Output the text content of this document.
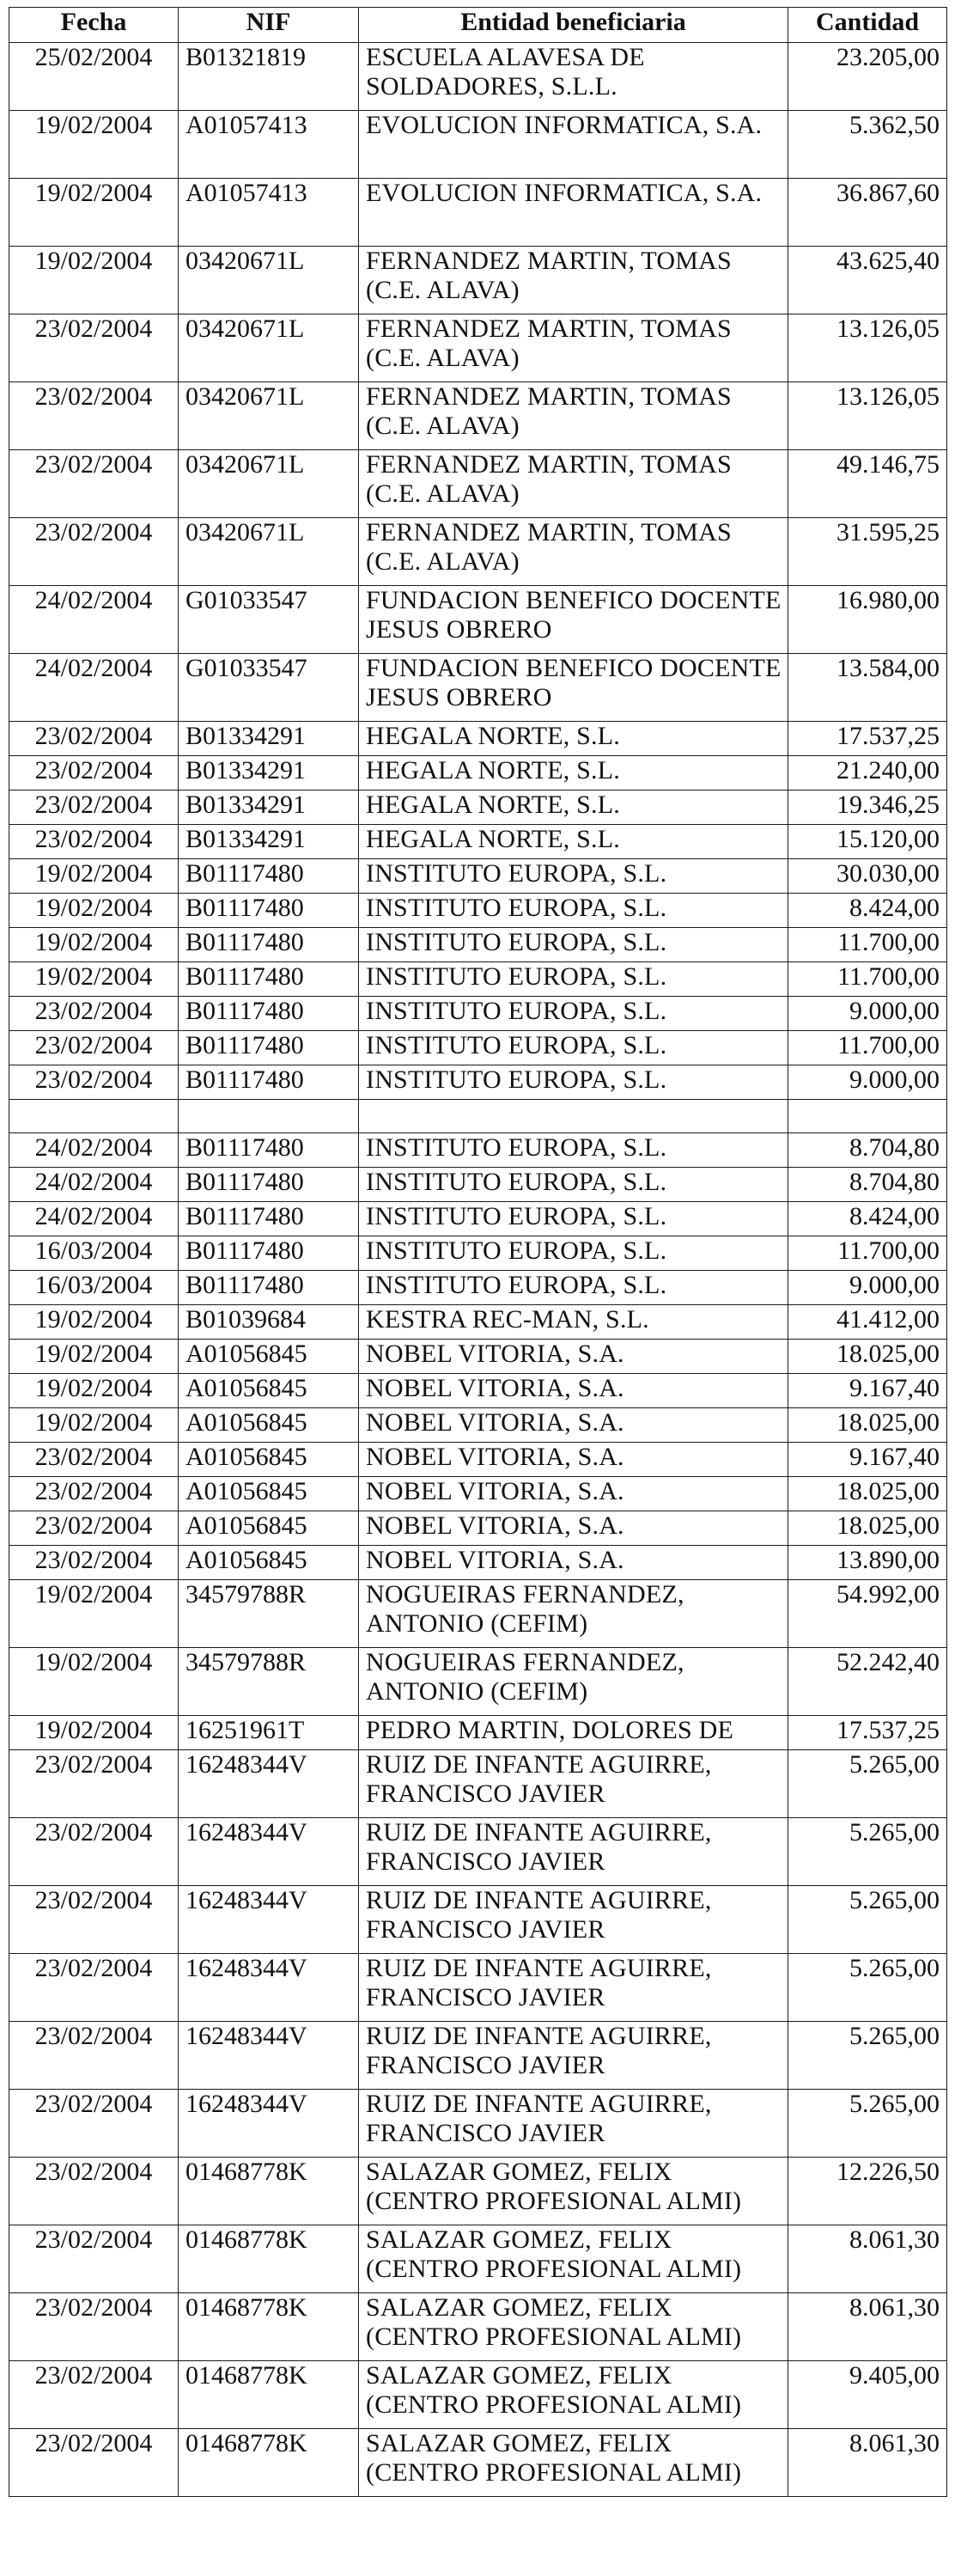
Fecha	NIF	Entidad beneficiaria	Cantidad
25/02/2004	B01321819	ESCUELA ALAVESA DE SOLDADORES, S.L.L.	23.205,00
19/02/2004	A01057413	EVOLUCION INFORMATICA, S.A.	5.362,50
19/02/2004	A01057413	EVOLUCION INFORMATICA, S.A.	36.867,60
19/02/2004	03420671L	FERNANDEZ MARTIN, TOMAS (C.E. ALAVA)	43.625,40
23/02/2004	03420671L	FERNANDEZ MARTIN, TOMAS (C.E. ALAVA)	13.126,05
23/02/2004	03420671L	FERNANDEZ MARTIN, TOMAS (C.E. ALAVA)	13.126,05
23/02/2004	03420671L	FERNANDEZ MARTIN, TOMAS (C.E. ALAVA)	49.146,75
23/02/2004	03420671L	FERNANDEZ MARTIN, TOMAS (C.E. ALAVA)	31.595,25
24/02/2004	G01033547	FUNDACION BENEFICO DOCENTE JESUS OBRERO	16.980,00
24/02/2004	G01033547	FUNDACION BENEFICO DOCENTE JESUS OBRERO	13.584,00
23/02/2004	B01334291	HEGALA NORTE, S.L.	17.537,25
23/02/2004	B01334291	HEGALA NORTE, S.L.	21.240,00
23/02/2004	B01334291	HEGALA NORTE, S.L.	19.346,25
23/02/2004	B01334291	HEGALA NORTE, S.L.	15.120,00
19/02/2004	B01117480	INSTITUTO EUROPA, S.L.	30.030,00
19/02/2004	B01117480	INSTITUTO EUROPA, S.L.	8.424,00
19/02/2004	B01117480	INSTITUTO EUROPA, S.L.	11.700,00
19/02/2004	B01117480	INSTITUTO EUROPA, S.L.	11.700,00
23/02/2004	B01117480	INSTITUTO EUROPA, S.L.	9.000,00
23/02/2004	B01117480	INSTITUTO EUROPA, S.L.	11.700,00
23/02/2004	B01117480	INSTITUTO EUROPA, S.L.	9.000,00

24/02/2004	B01117480	INSTITUTO EUROPA, S.L.	8.704,80
24/02/2004	B01117480	INSTITUTO EUROPA, S.L.	8.704,80
24/02/2004	B01117480	INSTITUTO EUROPA, S.L.	8.424,00
16/03/2004	B01117480	INSTITUTO EUROPA, S.L.	11.700,00
16/03/2004	B01117480	INSTITUTO EUROPA, S.L.	9.000,00
19/02/2004	B01039684	KESTRA REC-MAN, S.L.	41.412,00
19/02/2004	A01056845	NOBEL VITORIA, S.A.	18.025,00
19/02/2004	A01056845	NOBEL VITORIA, S.A.	9.167,40
19/02/2004	A01056845	NOBEL VITORIA, S.A.	18.025,00
23/02/2004	A01056845	NOBEL VITORIA, S.A.	9.167,40
23/02/2004	A01056845	NOBEL VITORIA, S.A.	18.025,00
23/02/2004	A01056845	NOBEL VITORIA, S.A.	18.025,00
23/02/2004	A01056845	NOBEL VITORIA, S.A.	13.890,00
19/02/2004	34579788R	NOGUEIRAS FERNANDEZ, ANTONIO (CEFIM)	54.992,00
19/02/2004	34579788R	NOGUEIRAS FERNANDEZ, ANTONIO (CEFIM)	52.242,40
19/02/2004	16251961T	PEDRO MARTIN, DOLORES DE	17.537,25
23/02/2004	16248344V	RUIZ DE INFANTE AGUIRRE, FRANCISCO JAVIER	5.265,00
23/02/2004	16248344V	RUIZ DE INFANTE AGUIRRE, FRANCISCO JAVIER	5.265,00
23/02/2004	16248344V	RUIZ DE INFANTE AGUIRRE, FRANCISCO JAVIER	5.265,00
23/02/2004	16248344V	RUIZ DE INFANTE AGUIRRE, FRANCISCO JAVIER	5.265,00
23/02/2004	16248344V	RUIZ DE INFANTE AGUIRRE, FRANCISCO JAVIER	5.265,00
23/02/2004	16248344V	RUIZ DE INFANTE AGUIRRE, FRANCISCO JAVIER	5.265,00
23/02/2004	01468778K	SALAZAR GOMEZ, FELIX (CENTRO PROFESIONAL ALMI)	12.226,50
23/02/2004	01468778K	SALAZAR GOMEZ, FELIX (CENTRO PROFESIONAL ALMI)	8.061,30
23/02/2004	01468778K	SALAZAR GOMEZ, FELIX (CENTRO PROFESIONAL ALMI)	8.061,30
23/02/2004	01468778K	SALAZAR GOMEZ, FELIX (CENTRO PROFESIONAL ALMI)	9.405,00
23/02/2004	01468778K	SALAZAR GOMEZ, FELIX (CENTRO PROFESIONAL ALMI)	8.061,30
